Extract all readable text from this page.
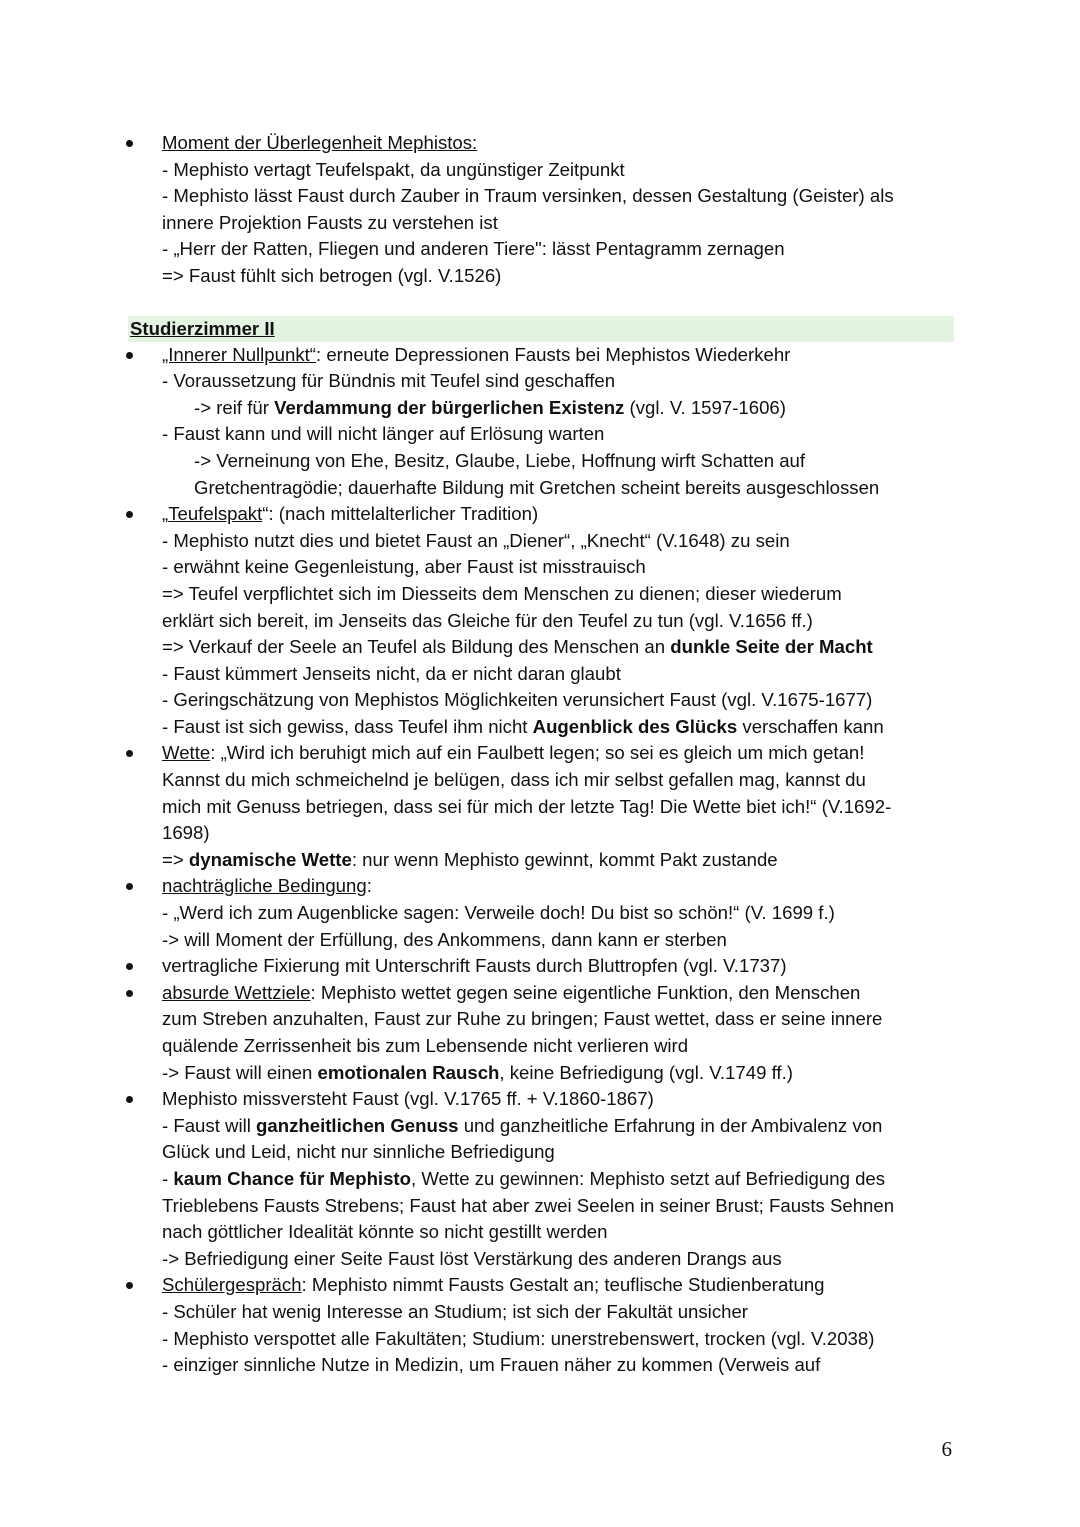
Moment der Überlegenheit Mephistos:
- Mephisto vertagt Teufelspakt, da ungünstiger Zeitpunkt
- Mephisto lässt Faust durch Zauber in Traum versinken, dessen Gestaltung (Geister) als
innere Projektion Fausts zu verstehen ist
- „Herr der Ratten, Fliegen und anderen Tiere": lässt Pentagramm zernagen
=> Faust fühlt sich betrogen (vgl. V.1526)
Studierzimmer II
„Innerer Nullpunkt“: erneute Depressionen Fausts bei Mephistos Wiederkehr
- Voraussetzung für Bündnis mit Teufel sind geschaffen
-> reif für Verdammung der bürgerlichen Existenz (vgl. V. 1597-1606)
- Faust kann und will nicht länger auf Erlösung warten
-> Verneinung von Ehe, Besitz, Glaube, Liebe, Hoffnung wirft Schatten auf
Gretchentragödie; dauerhafte Bildung mit Gretchen scheint bereits ausgeschlossen
„Teufelspakt“: (nach mittelalterlicher Tradition)
- Mephisto nutzt dies und bietet Faust an „Diener“, „Knecht“ (V.1648) zu sein
- erwähnt keine Gegenleistung, aber Faust ist misstrauisch
=> Teufel verpflichtet sich im Diesseits dem Menschen zu dienen; dieser wiederum
erklärt sich bereit, im Jenseits das Gleiche für den Teufel zu tun (vgl. V.1656 ff.)
=> Verkauf der Seele an Teufel als Bildung des Menschen an dunkle Seite der Macht
- Faust kümmert Jenseits nicht, da er nicht daran glaubt
- Geringschätzung von Mephistos Möglichkeiten verunsichert Faust (vgl. V.1675-1677)
- Faust ist sich gewiss, dass Teufel ihm nicht Augenblick des Glücks verschaffen kann
Wette: „Wird ich beruhigt mich auf ein Faulbett legen; so sei es gleich um mich getan!
Kannst du mich schmeichelnd je belügen, dass ich mir selbst gefallen mag, kannst du
mich mit Genuss betriegen, dass sei für mich der letzte Tag! Die Wette biet ich!“ (V.1692-
1698)
=> dynamische Wette: nur wenn Mephisto gewinnt, kommt Pakt zustande
nachträgliche Bedingung:
- „Werd ich zum Augenblicke sagen: Verweile doch! Du bist so schön!“ (V. 1699 f.)
-> will Moment der Erfüllung, des Ankommens, dann kann er sterben
vertragliche Fixierung mit Unterschrift Fausts durch Bluttropfen (vgl. V.1737)
absurde Wettziele: Mephisto wettet gegen seine eigentliche Funktion, den Menschen
zum Streben anzuhalten, Faust zur Ruhe zu bringen; Faust wettet, dass er seine innere
quälende Zerrissenheit bis zum Lebensende nicht verlieren wird
-> Faust will einen emotionalen Rausch, keine Befriedigung (vgl. V.1749 ff.)
Mephisto missversteht Faust (vgl. V.1765 ff. + V.1860-1867)
- Faust will ganzheitlichen Genuss und ganzheitliche Erfahrung in der Ambivalenz von
Glück und Leid, nicht nur sinnliche Befriedigung
- kaum Chance für Mephisto, Wette zu gewinnen: Mephisto setzt auf Befriedigung des
Trieblebens Fausts Strebens; Faust hat aber zwei Seelen in seiner Brust; Fausts Sehnen
nach göttlicher Idealität könnte so nicht gestillt werden
-> Befriedigung einer Seite Faust löst Verstärkung des anderen Drangs aus
Schülergespräch: Mephisto nimmt Fausts Gestalt an; teuflische Studienberatung
- Schüler hat wenig Interesse an Studium; ist sich der Fakultät unsicher
- Mephisto verspottet alle Fakultäten; Studium: unerstrebenswert, trocken (vgl. V.2038)
- einziger sinnliche Nutze in Medizin, um Frauen näher zu kommen (Verweis auf
6
